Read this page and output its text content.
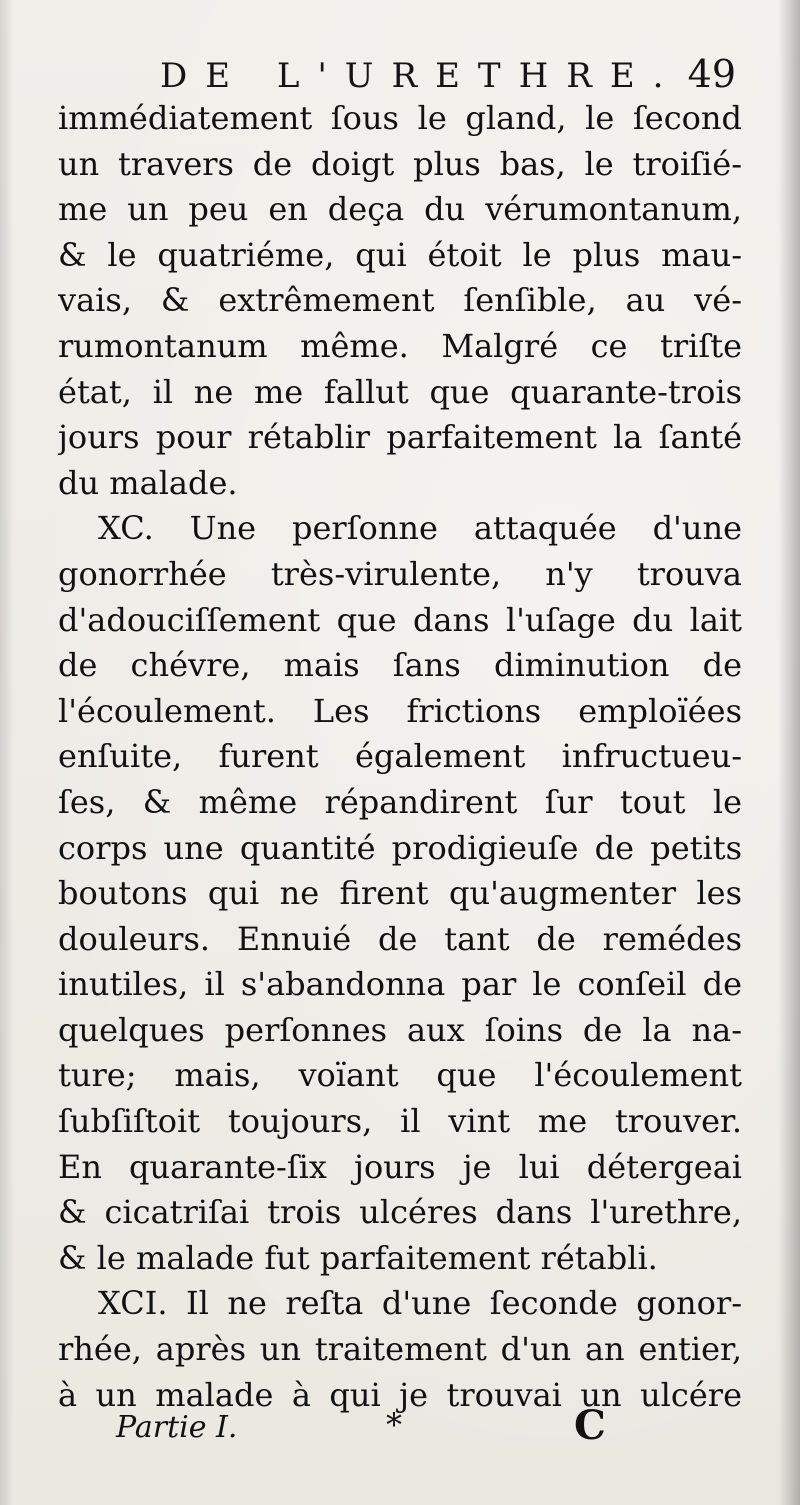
DE L'URETHRE. 49
immédiatement ſous le gland, le ſecond
un travers de doigt plus bas, le troiſié-
me un peu en deça du vérumontanum,
& le quatriéme, qui étoit le plus mau-
vais, & extrêmement ſenſible, au vé-
rumontanum même. Malgré ce triſte
état, il ne me fallut que quarante-trois
jours pour rétablir parfaitement la ſanté
du malade.
XC. Une perſonne attaquée d'une
gonorrhée très-virulente, n'y trouva
d'adouciſſement que dans l'uſage du lait
de chévre, mais ſans diminution de
l'écoulement. Les frictions emploïées
enſuite, furent également infructueu-
ſes, & même répandirent ſur tout le
corps une quantité prodigieuſe de petits
boutons qui ne firent qu'augmenter les
douleurs. Ennuié de tant de remédes
inutiles, il s'abandonna par le conſeil de
quelques perſonnes aux ſoins de la na-
ture; mais, voïant que l'écoulement
ſubſiſtoit toujours, il vint me trouver.
En quarante-ſix jours je lui détergeai
& cicatriſai trois ulcéres dans l'urethre,
& le malade fut parfaitement rétabli.
XCI. Il ne reſta d'une ſeconde gonor-
rhée, après un traitement d'un an entier,
à un malade à qui je trouvai un ulcére
Partie I.	*	C
